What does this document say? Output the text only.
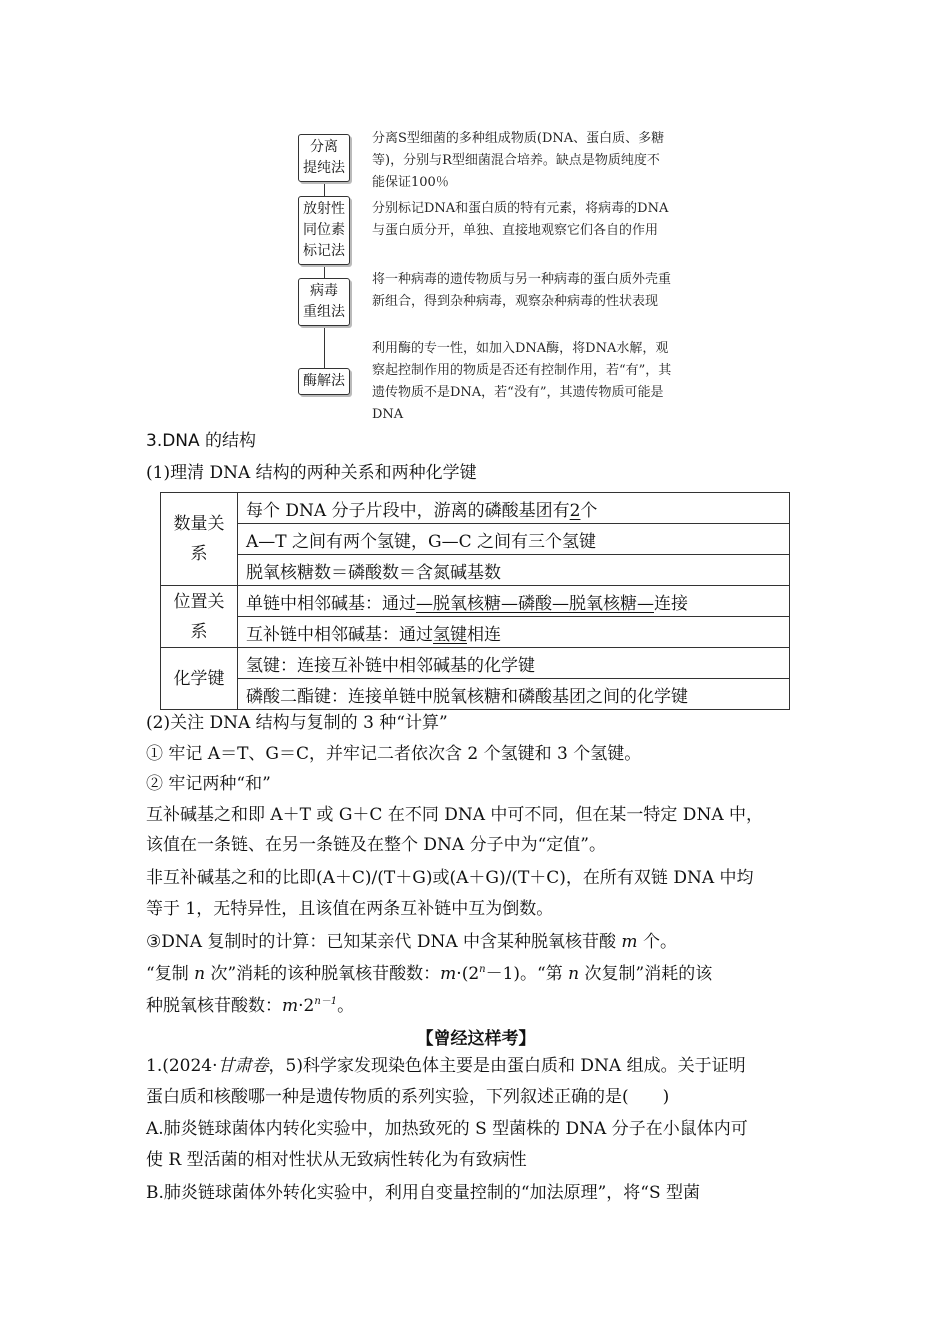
分离
提纯法
分离S型细菌的多种组成物质(DNA、蛋白质、多糖等)，分别与R型细菌混合培养。缺点是物质纯度不能保证100％
放射性
同位素
标记法
分别标记DNA和蛋白质的特有元素，将病毒的DNA与蛋白质分开，单独、直接地观察它们各自的作用
病毒
重组法
将一种病毒的遗传物质与另一种病毒的蛋白质外壳重新组合，得到杂种病毒，观察杂种病毒的性状表现
酶解法
利用酶的专一性，如加入DNA酶，将DNA水解，观察起控制作用的物质是否还有控制作用，若“有”，其遗传物质不是DNA，若“没有”，其遗传物质可能是DNA
3.DNA 的结构
(1)理清 DNA 结构的两种关系和两种化学键
数量关系	每个 DNA 分子片段中，游离的磷酸基团有2个
	A—T 之间有两个氢键，G—C 之间有三个氢键
	脱氧核糖数＝磷酸数＝含氮碱基数
位置关系	单链中相邻碱基：通过—脱氧核糖—磷酸—脱氧核糖—连接
	互补链中相邻碱基：通过氢键相连
化学键	氢键：连接互补链中相邻碱基的化学键
	磷酸二酯键：连接单链中脱氧核糖和磷酸基团之间的化学键
(2)关注 DNA 结构与复制的 3 种“计算”
① 牢记 A＝T、G＝C，并牢记二者依次含 2 个氢键和 3 个氢键。
② 牢记两种“和”
互补碱基之和即 A＋T 或 G＋C 在不同 DNA 中可不同，但在某一特定 DNA 中，
该值在一条链、在另一条链及在整个 DNA 分子中为“定值”。
非互补碱基之和的比即(A＋C)/(T＋G)或(A＋G)/(T＋C)，在所有双链 DNA 中均
等于 1，无特异性，且该值在两条互补链中互为倒数。
③DNA 复制时的计算：已知某亲代 DNA 中含某种脱氧核苷酸 m 个。
“复制 n 次”消耗的该种脱氧核苷酸数：$m\cdot(2^n-1)$。“第 n 次复制”消耗的该
种脱氧核苷酸数：$m\cdot 2^{n-1}$。
【曾经这样考】
1.(2024·甘肃卷，5)科学家发现染色体主要是由蛋白质和 DNA 组成。关于证明
蛋白质和核酸哪一种是遗传物质的系列实验，下列叙述正确的是(　　)
A.肺炎链球菌体内转化实验中，加热致死的 S 型菌株的 DNA 分子在小鼠体内可
使 R 型活菌的相对性状从无致病性转化为有致病性
B.肺炎链球菌体外转化实验中，利用自变量控制的“加法原理”，将“S 型菌
